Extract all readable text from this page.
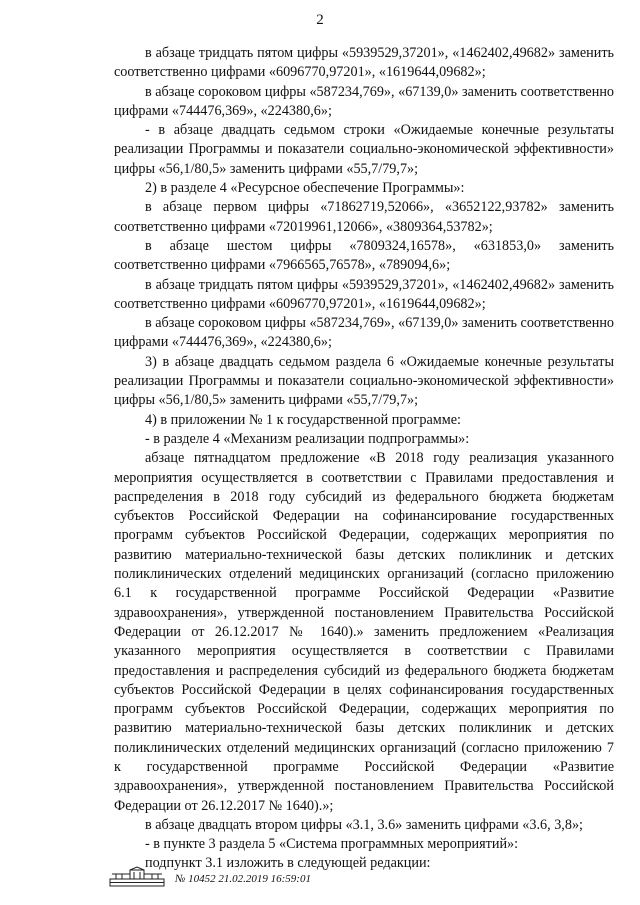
2

в абзаце тридцать пятом цифры «5939529,37201», «1462402,49682» заменить соответственно цифрами «6096770,97201», «1619644,09682»;

в абзаце сороковом цифры «587234,769», «67139,0» заменить соответственно цифрами «744476,369», «224380,6»;

- в абзаце двадцать седьмом строки «Ожидаемые конечные результаты реализации Программы и показатели социально-экономической эффективности» цифры «56,1/80,5» заменить цифрами «55,7/79,7»;

2) в разделе 4 «Ресурсное обеспечение Программы»:

в абзаце первом цифры «71862719,52066», «3652122,93782» заменить соответственно цифрами «72019961,12066», «3809364,53782»;

в абзаце шестом цифры «7809324,16578», «631853,0» заменить соответственно цифрами «7966565,76578», «789094,6»;

в абзаце тридцать пятом цифры «5939529,37201», «1462402,49682» заменить соответственно цифрами «6096770,97201», «1619644,09682»;

в абзаце сороковом цифры «587234,769», «67139,0» заменить соответственно цифрами «744476,369», «224380,6»;

3) в абзаце двадцать седьмом раздела 6 «Ожидаемые конечные результаты реализации Программы и показатели социально-экономической эффективности» цифры «56,1/80,5» заменить цифрами «55,7/79,7»;

4) в приложении № 1 к государственной программе:

- в разделе 4 «Механизм реализации подпрограммы»:

абзаце пятнадцатом предложение «В 2018 году реализация указанного мероприятия осуществляется в соответствии с Правилами предоставления и распределения в 2018 году субсидий из федерального бюджета бюджетам субъектов Российской Федерации на софинансирование государственных программ субъектов Российской Федерации, содержащих мероприятия по развитию материально-технической базы детских поликлиник и детских поликлинических отделений медицинских организаций (согласно приложению 6.1 к государственной программе Российской Федерации «Развитие здравоохранения», утвержденной постановлением Правительства Российской Федерации от 26.12.2017 № 1640).» заменить предложением «Реализация указанного мероприятия осуществляется в соответствии с Правилами предоставления и распределения субсидий из федерального бюджета бюджетам субъектов Российской Федерации в целях софинансирования государственных программ субъектов Российской Федерации, содержащих мероприятия по развитию материально-технической базы детских поликлиник и детских поликлинических отделений медицинских организаций (согласно приложению 7 к государственной программе Российской Федерации «Развитие здравоохранения», утвержденной постановлением Правительства Российской Федерации от 26.12.2017 № 1640).»;

в абзаце двадцать втором цифры «3.1, 3.6» заменить цифрами «3.6, 3,8»;

- в пункте 3 раздела 5 «Система программных мероприятий»:

подпункт 3.1 изложить в следующей редакции:

№ 10452 21.02.2019 16:59:01
